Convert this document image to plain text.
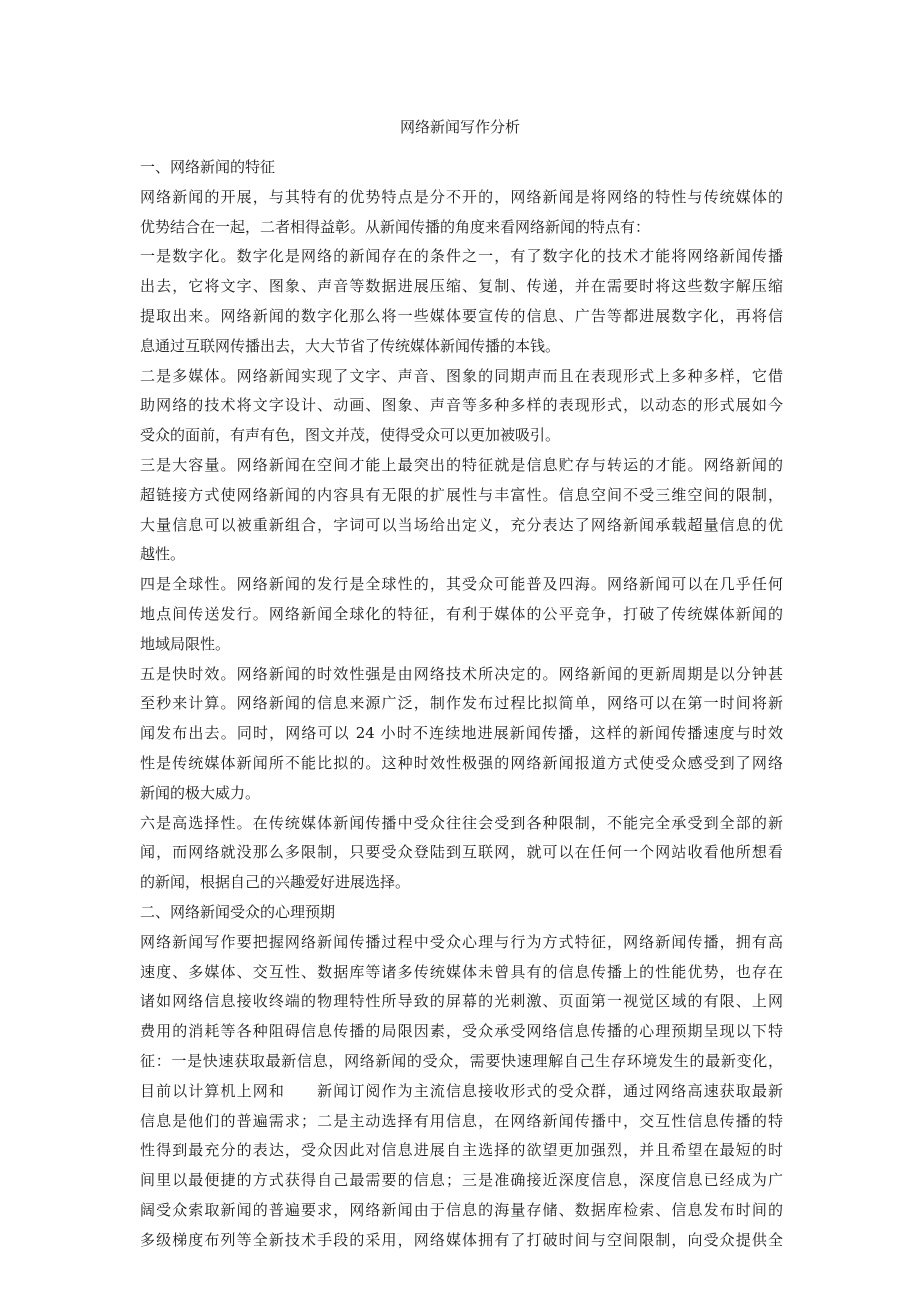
网络新闻写作分析
一、网络新闻的特征
网络新闻的开展，与其特有的优势特点是分不开的，网络新闻是将网络的特性与传统媒体的
优势结合在一起，二者相得益彰。从新闻传播的角度来看网络新闻的特点有：
一是数字化。数字化是网络的新闻存在的条件之一，有了数字化的技术才能将网络新闻传播
出去，它将文字、图象、声音等数据进展压缩、复制、传递，并在需要时将这些数字解压缩
提取出来。网络新闻的数字化那么将一些媒体要宣传的信息、广告等都进展数字化，再将信
息通过互联网传播出去，大大节省了传统媒体新闻传播的本钱。
二是多媒体。网络新闻实现了文字、声音、图象的同期声而且在表现形式上多种多样，它借
助网络的技术将文字设计、动画、图象、声音等多种多样的表现形式，以动态的形式展如今
受众的面前，有声有色，图文并茂，使得受众可以更加被吸引。
三是大容量。网络新闻在空间才能上最突出的特征就是信息贮存与转运的才能。网络新闻的
超链接方式使网络新闻的内容具有无限的扩展性与丰富性。信息空间不受三维空间的限制，
大量信息可以被重新组合，字词可以当场给出定义，充分表达了网络新闻承载超量信息的优
越性。
四是全球性。网络新闻的发行是全球性的，其受众可能普及四海。网络新闻可以在几乎任何
地点间传送发行。网络新闻全球化的特征，有利于媒体的公平竞争，打破了传统媒体新闻的
地域局限性。
五是快时效。网络新闻的时效性强是由网络技术所决定的。网络新闻的更新周期是以分钟甚
至秒来计算。网络新闻的信息来源广泛，制作发布过程比拟简单，网络可以在第一时间将新
闻发布出去。同时，网络可以 24 小时不连续地进展新闻传播，这样的新闻传播速度与时效
性是传统媒体新闻所不能比拟的。这种时效性极强的网络新闻报道方式使受众感受到了网络
新闻的极大威力。
六是高选择性。在传统媒体新闻传播中受众往往会受到各种限制，不能完全承受到全部的新
闻，而网络就没那么多限制，只要受众登陆到互联网，就可以在任何一个网站收看他所想看
的新闻，根据自己的兴趣爱好进展选择。
二、网络新闻受众的心理预期
网络新闻写作要把握网络新闻传播过程中受众心理与行为方式特征，网络新闻传播，拥有高
速度、多媒体、交互性、数据库等诸多传统媒体未曾具有的信息传播上的性能优势，也存在
诸如网络信息接收终端的物理特性所导致的屏幕的光刺激、页面第一视觉区域的有限、上网
费用的消耗等各种阻碍信息传播的局限因素，受众承受网络信息传播的心理预期呈现以下特
征：一是快速获取最新信息，网络新闻的受众，需要快速理解自己生存环境发生的最新变化，
目前以计算机上网和　　新闻订阅作为主流信息接收形式的受众群，通过网络高速获取最新
信息是他们的普遍需求；二是主动选择有用信息，在网络新闻传播中，交互性信息传播的特
性得到最充分的表达，受众因此对信息进展自主选择的欲望更加强烈，并且希望在最短的时
间里以最便捷的方式获得自己最需要的信息；三是准确接近深度信息，深度信息已经成为广
阔受众索取新闻的普遍要求，网络新闻由于信息的海量存储、数据库检索、信息发布时间的
多级梯度布列等全新技术手段的采用，网络媒体拥有了打破时间与空间限制，向受众提供全
